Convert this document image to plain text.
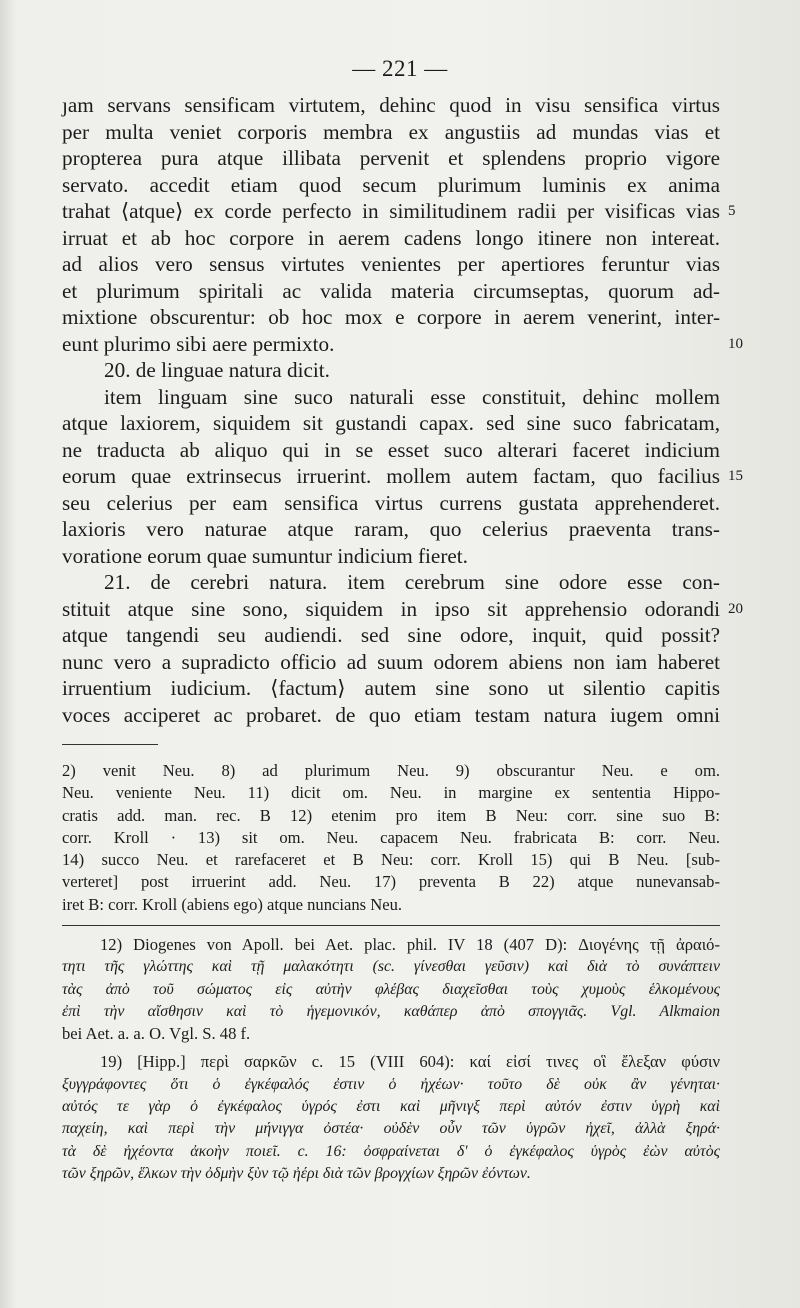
— 221 —
ȷam servans sensificam virtutem, dehinc quod in visu sensifica virtus
per multa veniet corporis membra ex angustiis ad mundas vias et
propterea pura atque illibata pervenit et splendens proprio vigore
servato. accedit etiam quod secum plurimum luminis ex anima
trahat ⟨atque⟩ ex corde perfecto in similitudinem radii per visificas vias 5
irruat et ab hoc corpore in aerem cadens longo itinere non intereat.
ad alios vero sensus virtutes venientes per apertiores feruntur vias
et plurimum spiritali ac valida materia circumseptas, quorum ad-
mixtione obscurentur: ob hoc mox e corpore in aerem venerint, inter-
eunt plurimo sibi aere permixto.	10
20. de linguae natura dicit.
item linguam sine suco naturali esse constituit, dehinc mollem
atque laxiorem, siquidem sit gustandi capax. sed sine suco fabricatam,
ne traducta ab aliquo qui in se esset suco alterari faceret indicium
eorum quae extrinsecus irruerint. mollem autem factam, quo facilius 15
seu celerius per eam sensifica virtus currens gustata apprehenderet.
laxioris vero naturae atque raram, quo celerius praeventa trans-
voratione eorum quae sumuntur indicium fieret.
21. de cerebri natura. item cerebrum sine odore esse con-
stituit atque sine sono, siquidem in ipso sit apprehensio odorandi 20
atque tangendi seu audiendi. sed sine odore, inquit, quid possit?
nunc vero a supradicto officio ad suum odorem abiens non iam haberet
irruentium iudicium. ⟨factum⟩ autem sine sono ut silentio capitis
voces acciperet ac probaret. de quo etiam testam natura iugem omni
2) venit Neu. 8) ad plurimum Neu. 9) obscurantur Neu. e om.
Neu. veniente Neu. 11) dicit om. Neu. in margine ex sententia Hippo-
cratis add. man. rec. B 12) etenim pro item B Neu: corr. sine suo B:
corr. Kroll · 13) sit om. Neu. capacem Neu. frabricata B: corr. Neu.
14) succo Neu. et rarefaceret et B Neu: corr. Kroll 15) qui B Neu. [sub-
verteret] post irruerint add. Neu. 17) preventa B 22) atque nunevansab-
iret B: corr. Kroll (abiens ego) atque nuncians Neu.
12) Diogenes von Apoll. bei Aet. plac. phil. IV 18 (407 D): Διογένης τῇ ἀραιό-
τητι τῆς γλώττης καὶ τῇ μαλακότητι (sc. γίνεσθαι γεῦσιν) καὶ διὰ τὸ συνάπτειν
τὰς ἀπὸ τοῦ σώματος εἰς αὐτὴν φλέβας διαχεῖσθαι τοὺς χυμοὺς ἑλκομένους
ἐπὶ τὴν αἴσθησιν καὶ τὸ ἡγεμονικόν, καθάπερ ἀπὸ σπογγιᾶς. Vgl. Alkmaion
bei Aet. a. a. O. Vgl. S. 48 f.
19) [Hipp.] περὶ σαρκῶν c. 15 (VIII 604): καί εἰσί τινες οἳ ἔλεξαν φύσιν
ξυγγράφοντες ὅτι ὁ ἐγκέφαλός ἐστιν ὁ ἠχέων· τοῦτο δὲ οὐκ ἂν γένηται·
αὐτός τε γὰρ ὁ ἐγκέφαλος ὑγρός ἐστι καὶ μῆνιγξ περὶ αὐτόν ἐστιν ὑγρὴ καὶ
παχείη, καὶ περὶ τὴν μήνιγγα ὀστέα· οὐδὲν οὖν τῶν ὑγρῶν ἠχεῖ, ἀλλὰ ξηρά·
τὰ δὲ ἠχέοντα ἀκοὴν ποιεῖ. c. 16: ὀσφραίνεται δ' ὁ ἐγκέφαλος ὑγρὸς ἐὼν αὐτὸς
τῶν ξηρῶν, ἕλκων τὴν ὀδμὴν ξὺν τῷ ἠέρι διὰ τῶν βρογχίων ξηρῶν ἐόντων.
